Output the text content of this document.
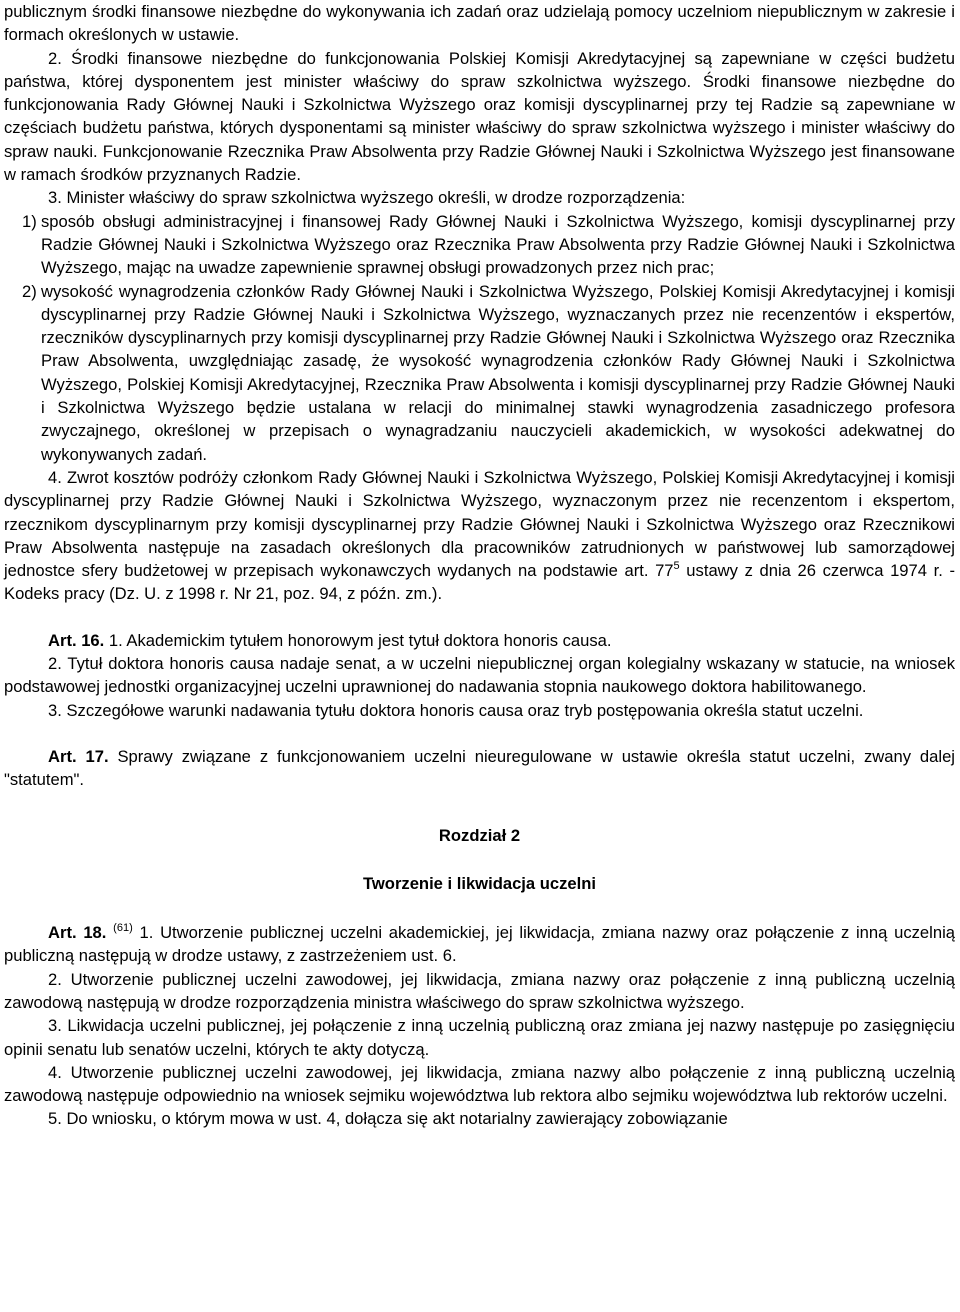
publicznym środki finansowe niezbędne do wykonywania ich zadań oraz udzielają pomocy uczelniom niepublicznym w zakresie i formach określonych w ustawie.

2. Środki finansowe niezbędne do funkcjonowania Polskiej Komisji Akredytacyjnej są zapewniane w części budżetu państwa, której dysponentem jest minister właściwy do spraw szkolnictwa wyższego. Środki finansowe niezbędne do funkcjonowania Rady Głównej Nauki i Szkolnictwa Wyższego oraz komisji dyscyplinarnej przy tej Radzie są zapewniane w częściach budżetu państwa, których dysponentami są minister właściwy do spraw szkolnictwa wyższego i minister właściwy do spraw nauki. Funkcjonowanie Rzecznika Praw Absolwenta przy Radzie Głównej Nauki i Szkolnictwa Wyższego jest finansowane w ramach środków przyznanych Radzie.

3. Minister właściwy do spraw szkolnictwa wyższego określi, w drodze rozporządzenia:

1) sposób obsługi administracyjnej i finansowej Rady Głównej Nauki i Szkolnictwa Wyższego, komisji dyscyplinarnej przy Radzie Głównej Nauki i Szkolnictwa Wyższego oraz Rzecznika Praw Absolwenta przy Radzie Głównej Nauki i Szkolnictwa Wyższego, mając na uwadze zapewnienie sprawnej obsługi prowadzonych przez nich prac;
2) wysokość wynagrodzenia członków Rady Głównej Nauki i Szkolnictwa Wyższego, Polskiej Komisji Akredytacyjnej i komisji dyscyplinarnej przy Radzie Głównej Nauki i Szkolnictwa Wyższego, wyznaczanych przez nie recenzentów i ekspertów, rzeczników dyscyplinarnych przy komisji dyscyplinarnej przy Radzie Głównej Nauki i Szkolnictwa Wyższego oraz Rzecznika Praw Absolwenta, uwzględniając zasadę, że wysokość wynagrodzenia członków Rady Głównej Nauki i Szkolnictwa Wyższego, Polskiej Komisji Akredytacyjnej, Rzecznika Praw Absolwenta i komisji dyscyplinarnej przy Radzie Głównej Nauki i Szkolnictwa Wyższego będzie ustalana w relacji do minimalnej stawki wynagrodzenia zasadniczego profesora zwyczajnego, określonej w przepisach o wynagradzaniu nauczycieli akademickich, w wysokości adekwatnej do wykonywanych zadań.

4. Zwrot kosztów podróży członkom Rady Głównej Nauki i Szkolnictwa Wyższego, Polskiej Komisji Akredytacyjnej i komisji dyscyplinarnej przy Radzie Głównej Nauki i Szkolnictwa Wyższego, wyznaczonym przez nie recenzentom i ekspertom, rzecznikom dyscyplinarnym przy komisji dyscyplinarnej przy Radzie Głównej Nauki i Szkolnictwa Wyższego oraz Rzecznikowi Praw Absolwenta następuje na zasadach określonych dla pracowników zatrudnionych w państwowej lub samorządowej jednostce sfery budżetowej w przepisach wykonawczych wydanych na podstawie art. $77^5$ ustawy z dnia 26 czerwca 1974 r. - Kodeks pracy (Dz. U. z 1998 r. Nr 21, poz. 94, z późn. zm.).

Art. 16. 1. Akademickim tytułem honorowym jest tytuł doktora honoris causa.

2. Tytuł doktora honoris causa nadaje senat, a w uczelni niepublicznej organ kolegialny wskazany w statucie, na wniosek podstawowej jednostki organizacyjnej uczelni uprawnionej do nadawania stopnia naukowego doktora habilitowanego.

3. Szczegółowe warunki nadawania tytułu doktora honoris causa oraz tryb postępowania określa statut uczelni.

Art. 17. Sprawy związane z funkcjonowaniem uczelni nieuregulowane w ustawie określa statut uczelni, zwany dalej "statutem".

Rozdział 2

Tworzenie i likwidacja uczelni

Art. 18. $^{(61)}$ 1. Utworzenie publicznej uczelni akademickiej, jej likwidacja, zmiana nazwy oraz połączenie z inną uczelnią publiczną następują w drodze ustawy, z zastrzeżeniem ust. 6.

2. Utworzenie publicznej uczelni zawodowej, jej likwidacja, zmiana nazwy oraz połączenie z inną publiczną uczelnią zawodową następują w drodze rozporządzenia ministra właściwego do spraw szkolnictwa wyższego.

3. Likwidacja uczelni publicznej, jej połączenie z inną uczelnią publiczną oraz zmiana jej nazwy następuje po zasięgnięciu opinii senatu lub senatów uczelni, których te akty dotyczą.

4. Utworzenie publicznej uczelni zawodowej, jej likwidacja, zmiana nazwy albo połączenie z inną publiczną uczelnią zawodową następuje odpowiednio na wniosek sejmiku województwa lub rektora albo sejmiku województwa lub rektorów uczelni.

5. Do wniosku, o którym mowa w ust. 4, dołącza się akt notarialny zawierający zobowiązanie
